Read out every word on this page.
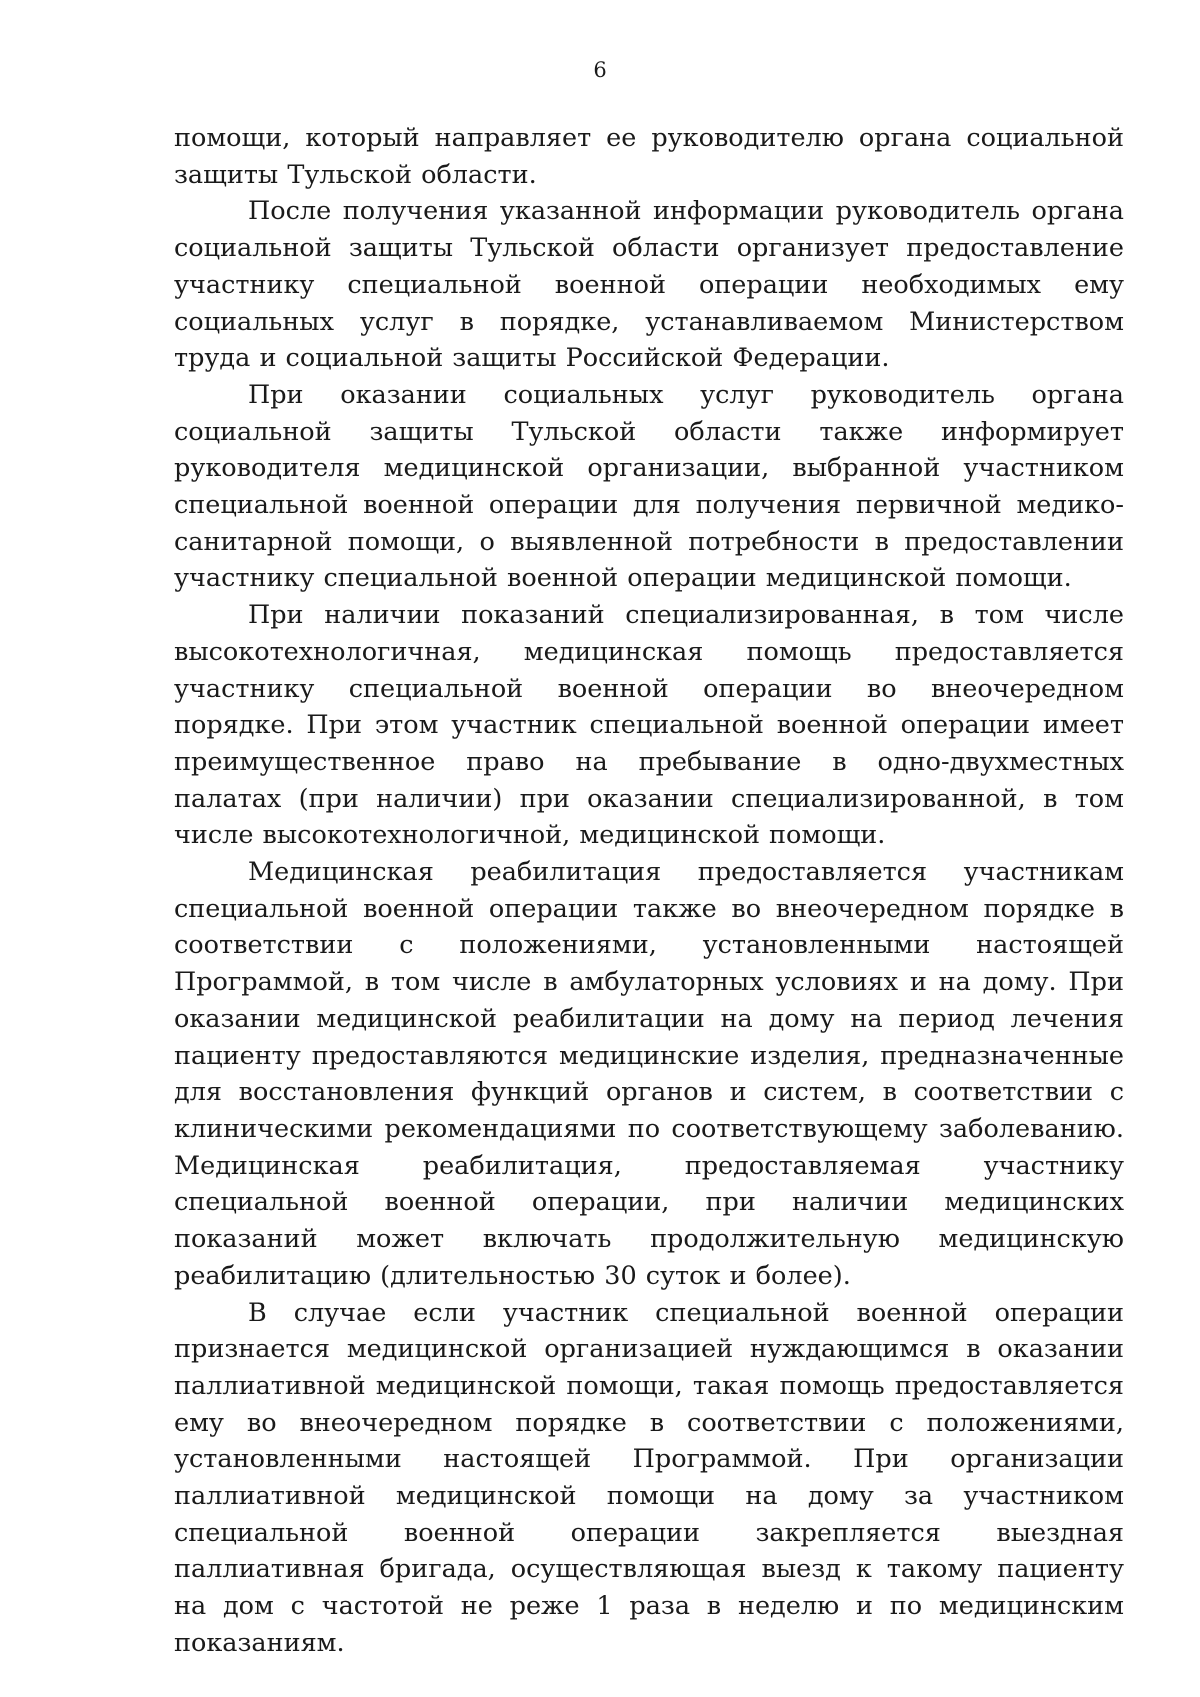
6

помощи, который направляет ее руководителю органа социальной защиты Тульской области.

После получения указанной информации руководитель органа социальной защиты Тульской области организует предоставление участнику специальной военной операции необходимых ему социальных услуг в порядке, устанавливаемом Министерством труда и социальной защиты Российской Федерации.

При оказании социальных услуг руководитель органа социальной защиты Тульской области также информирует руководителя медицинской организации, выбранной участником специальной военной операции для получения первичной медико-санитарной помощи, о выявленной потребности в предоставлении участнику специальной военной операции медицинской помощи.

При наличии показаний специализированная, в том числе высокотехнологичная, медицинская помощь предоставляется участнику специальной военной операции во внеочередном порядке. При этом участник специальной военной операции имеет преимущественное право на пребывание в одно-двухместных палатах (при наличии) при оказании специализированной, в том числе высокотехнологичной, медицинской помощи.

Медицинская реабилитация предоставляется участникам специальной военной операции также во внеочередном порядке в соответствии с положениями, установленными настоящей Программой, в том числе в амбулаторных условиях и на дому. При оказании медицинской реабилитации на дому на период лечения пациенту предоставляются медицинские изделия, предназначенные для восстановления функций органов и систем, в соответствии с клиническими рекомендациями по соответствующему заболеванию. Медицинская реабилитация, предоставляемая участнику специальной военной операции, при наличии медицинских показаний может включать продолжительную медицинскую реабилитацию (длительностью 30 суток и более).

В случае если участник специальной военной операции признается медицинской организацией нуждающимся в оказании паллиативной медицинской помощи, такая помощь предоставляется ему во внеочередном порядке в соответствии с положениями, установленными настоящей Программой. При организации паллиативной медицинской помощи на дому за участником специальной военной операции закрепляется выездная паллиативная бригада, осуществляющая выезд к такому пациенту на дом с частотой не реже 1 раза в неделю и по медицинским показаниям.
